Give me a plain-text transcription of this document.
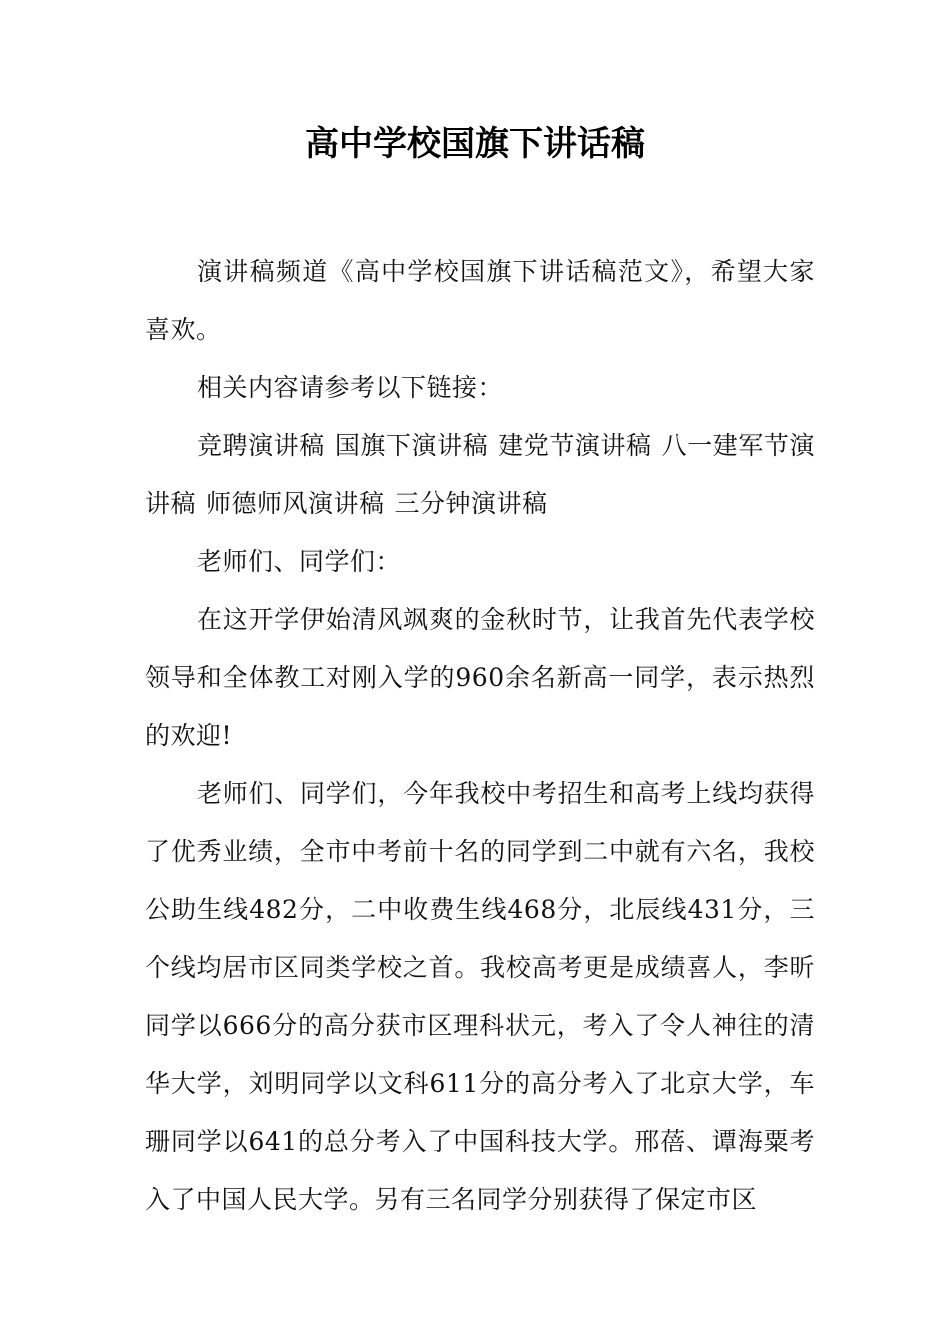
高中学校国旗下讲话稿

演讲稿频道《高中学校国旗下讲话稿范文》，希望大家喜欢。

相关内容请参考以下链接：

竞聘演讲稿 国旗下演讲稿 建党节演讲稿 八一建军节演讲稿 师德师风演讲稿 三分钟演讲稿

老师们、同学们：

在这开学伊始清风飒爽的金秋时节，让我首先代表学校领导和全体教工对刚入学的960余名新高一同学，表示热烈的欢迎!

老师们、同学们，今年我校中考招生和高考上线均获得了优秀业绩，全市中考前十名的同学到二中就有六名，我校公助生线482分，二中收费生线468分，北辰线431分，三个线均居市区同类学校之首。我校高考更是成绩喜人，李昕同学以666分的高分获市区理科状元，考入了令人神往的清华大学，刘明同学以文科611分的高分考入了北京大学，车珊同学以641的总分考入了中国科技大学。邢蓓、谭海粟考入了中国人民大学。另有三名同学分别获得了保定市区
